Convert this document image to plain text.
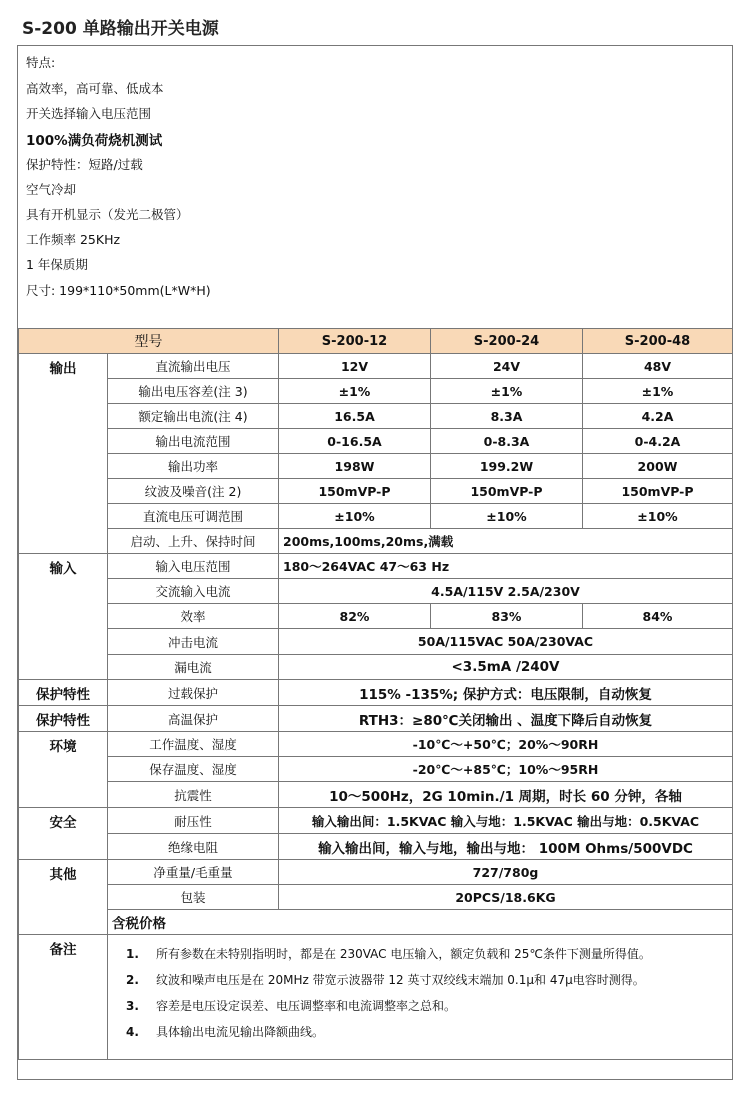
S-200 单路输出开关电源
特点:
高效率，高可靠、低成本
开关选择输入电压范围
100%满负荷烧机测试
保护特性：短路/过载
空气冷却
具有开机显示（发光二极管）
工作频率 25KHz
1 年保质期
尺寸: 199*110*50mm(L*W*H)
型号		S-200-12	S-200-24	S-200-48
输出	直流输出电压	12V	24V	48V
	输出电压容差(注 3)	±1%	±1%	±1%
	额定输出电流(注 4)	16.5A	8.3A	4.2A
	输出电流范围	0-16.5A	0-8.3A	0-4.2A
	输出功率	198W	199.2W	200W
	纹波及噪音(注 2)	150mVP-P	150mVP-P	150mVP-P
	直流电压可调范围	±10%	±10%	±10%
	启动、上升、保持时间	200ms,100ms,20ms,满载		
输入	输入电压范围	180～264VAC 47～63 Hz		
	交流输入电流	4.5A/115V 2.5A/230V		
	效率	82%	83%	84%
	冲击电流	50A/115VAC 50A/230VAC		
	漏电流	<3.5mA /240V		
保护特性	过载保护	115% -135%; 保护方式：电压限制，自动恢复		
保护特性	高温保护	RTH3：≥80℃关闭输出 、温度下降后自动恢复		
环境	工作温度、湿度	-10℃～+50℃；20%～90RH		
	保存温度、湿度	-20℃～+85℃；10%～95RH		
	抗震性	10～500Hz，2G 10min./1 周期，时长 60 分钟，各轴		
安全	耐压性	输入输出间：1.5KVAC 输入与地：1.5KVAC 输出与地：0.5KVAC		
	绝缘电阻	输入输出间，输入与地，输出与地： 100M Ohms/500VDC		
其他	净重量/毛重量	727/780g		
	包装	20PCS/18.6KG		
	含税价格			
备注	1. 所有参数在未特别指明时，都是在 230VAC 电压输入，额定负载和 25℃条件下测量所得值。
2. 纹波和噪声电压是在 20MHz 带宽示波器带 12 英寸双绞线末端加 0.1μ和 47μ电容时测得。
3. 容差是电压设定误差、电压调整率和电流调整率之总和。
4. 具体输出电流见输出降额曲线。			
